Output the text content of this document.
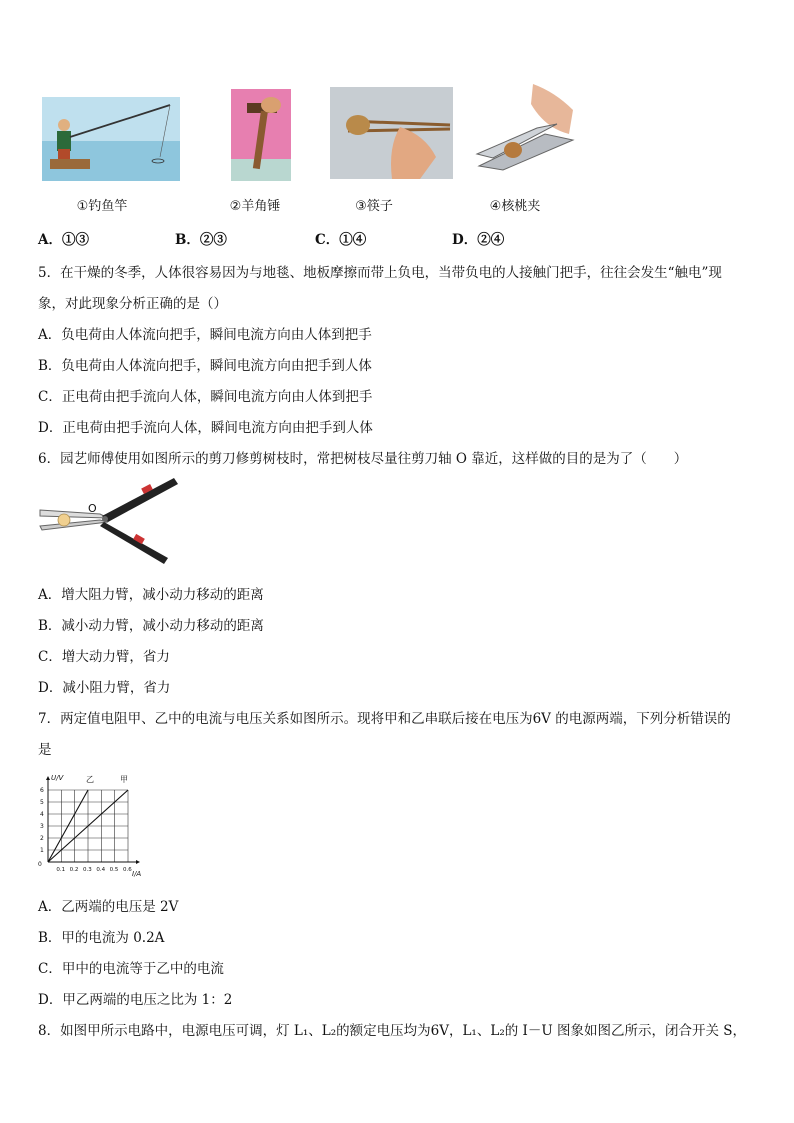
①钓鱼竿	②羊角锤	③筷子	④核桃夹
A．①③	B．②③	C．①④	D．②④
5．在干燥的冬季，人体很容易因为与地毯、地板摩擦而带上负电，当带负电的人接触门把手，往往会发生“触电”现
象，对此现象分析正确的是（）
A．负电荷由人体流向把手，瞬间电流方向由人体到把手
B．负电荷由人体流向把手，瞬间电流方向由把手到人体
C．正电荷由把手流向人体，瞬间电流方向由人体到把手
D．正电荷由把手流向人体，瞬间电流方向由把手到人体
6．园艺师傅使用如图所示的剪刀修剪树枝时，常把树枝尽量往剪刀轴 O 靠近，这样做的目的是为了（　　）
O
A．增大阻力臂，减小动力移动的距离
B．减小动力臂，减小动力移动的距离
C．增大动力臂，省力
D．减小阻力臂，省力
7．两定值电阻甲、乙中的电流与电压关系如图所示。现将甲和乙串联后接在电压为6V 的电源两端，下列分析错误的
是
0.1 0.2 0.3 0.4 0.5 0.6
1
2
3
4
5
6
U/V
I/A
0
乙	甲
A．乙两端的电压是 2V
B．甲的电流为 0.2A
C．甲中的电流等于乙中的电流
D．甲乙两端的电压之比为 1：2
8．如图甲所示电路中，电源电压可调，灯 L₁、L₂的额定电压均为6V，L₁、L₂的 I－U 图象如图乙所示，闭合开关 S，
